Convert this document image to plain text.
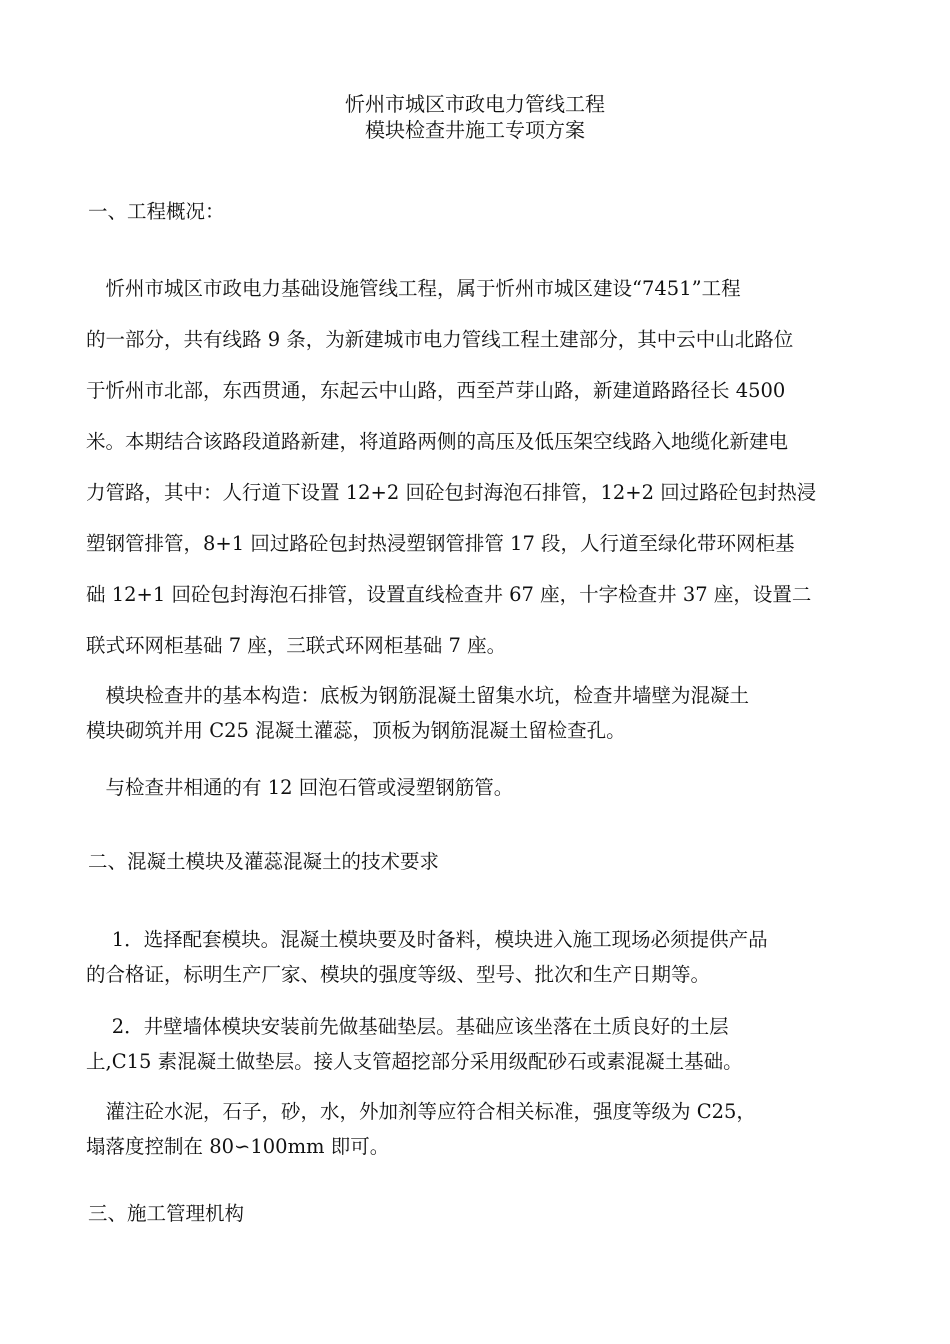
忻州市城区市政电力管线工程
模块检查井施工专项方案
一、工程概况：
　忻州市城区市政电力基础设施管线工程，属于忻州市城区建设“7451”工程
的一部分，共有线路 9 条，为新建城市电力管线工程土建部分，其中云中山北路位
于忻州市北部，东西贯通，东起云中山路，西至芦芽山路，新建道路路径长 4500
米。本期结合该路段道路新建，将道路两侧的高压及低压架空线路入地缆化新建电
力管路，其中：人行道下设置 12+2 回砼包封海泡石排管，12+2 回过路砼包封热浸
塑钢管排管，8+1 回过路砼包封热浸塑钢管排管 17 段，人行道至绿化带环网柜基
础 12+1 回砼包封海泡石排管，设置直线检查井 67 座，十字检查井 37 座，设置二
联式环网柜基础 7 座，三联式环网柜基础 7 座。
　模块检查井的基本构造：底板为钢筋混凝土留集水坑，检查井墙壁为混凝土
模块砌筑并用 C25 混凝土灌蕊，顶板为钢筋混凝土留检查孔。
　与检查井相通的有 12 回泡石管或浸塑钢筋管。
二、混凝土模块及灌蕊混凝土的技术要求
　 1．选择配套模块。混凝土模块要及时备料，模块进入施工现场必须提供产品
的合格证，标明生产厂家、模块的强度等级、型号、批次和生产日期等。
　 2．井壁墙体模块安装前先做基础垫层。基础应该坐落在土质良好的土层
上,C15 素混凝土做垫层。接人支管超挖部分采用级配砂石或素混凝土基础。
　灌注砼水泥，石子，砂，水，外加剂等应符合相关标准，强度等级为 C25，
塌落度控制在 80∽100mm 即可。
三、施工管理机构
